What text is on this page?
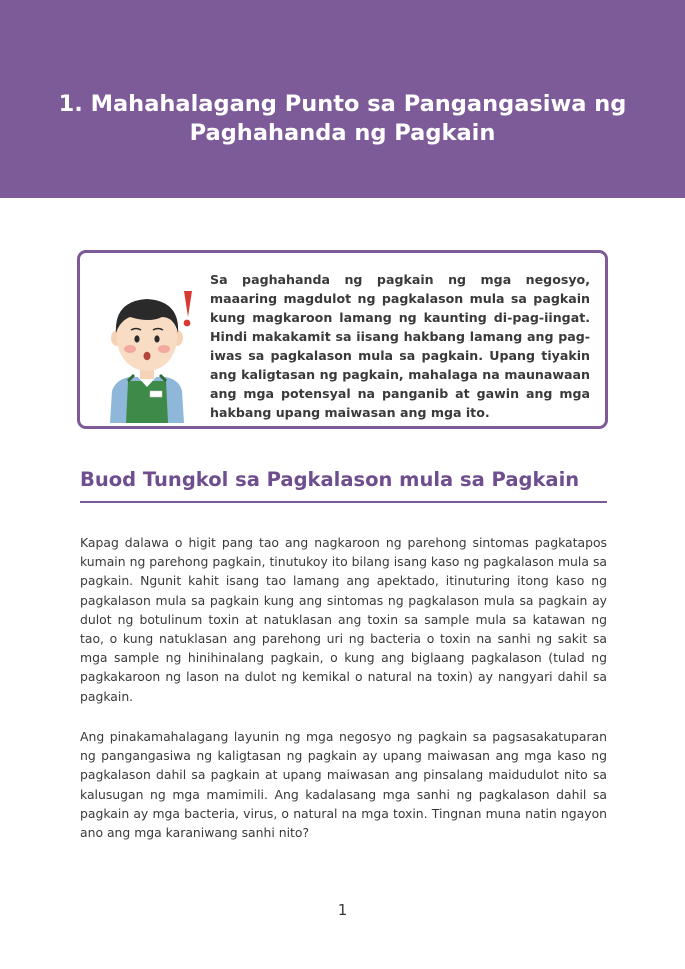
1. Mahahalagang Punto sa Pangangasiwa ng Paghahanda ng Pagkain
Sa paghahanda ng pagkain ng mga negosyo, maaaring magdulot ng pagkalason mula sa pagkain kung magkaroon lamang ng kaunting di-pag-iingat. Hindi makakamit sa iisang hakbang lamang ang pag-iwas sa pagkalason mula sa pagkain. Upang tiyakin ang kaligtasan ng pagkain, mahalaga na maunawaan ang mga potensyal na panganib at gawin ang mga hakbang upang maiwasan ang mga ito.
Buod Tungkol sa Pagkalason mula sa Pagkain
Kapag dalawa o higit pang tao ang nagkaroon ng parehong sintomas pagkatapos kumain ng parehong pagkain, tinutukoy ito bilang isang kaso ng pagkalason mula sa pagkain. Ngunit kahit isang tao lamang ang apektado, itinuturing itong kaso ng pagkalason mula sa pagkain kung ang sintomas ng pagkalason mula sa pagkain ay dulot ng botulinum toxin at natuklasan ang toxin sa sample mula sa katawan ng tao, o kung natuklasan ang parehong uri ng bacteria o toxin na sanhi ng sakit sa mga sample ng hinihinalang pagkain, o kung ang biglaang pagkalason (tulad ng pagkakaroon ng lason na dulot ng kemikal o natural na toxin) ay nangyari dahil sa pagkain.
Ang pinakamahalagang layunin ng mga negosyo ng pagkain sa pagsasakatuparan ng pangangasiwa ng kaligtasan ng pagkain ay upang maiwasan ang mga kaso ng pagkalason dahil sa pagkain at upang maiwasan ang pinsalang maidudulot nito sa kalusugan ng mga mamimili. Ang kadalasang mga sanhi ng pagkalason dahil sa pagkain ay mga bacteria, virus, o natural na mga toxin. Tingnan muna natin ngayon ano ang mga karaniwang sanhi nito?
1
